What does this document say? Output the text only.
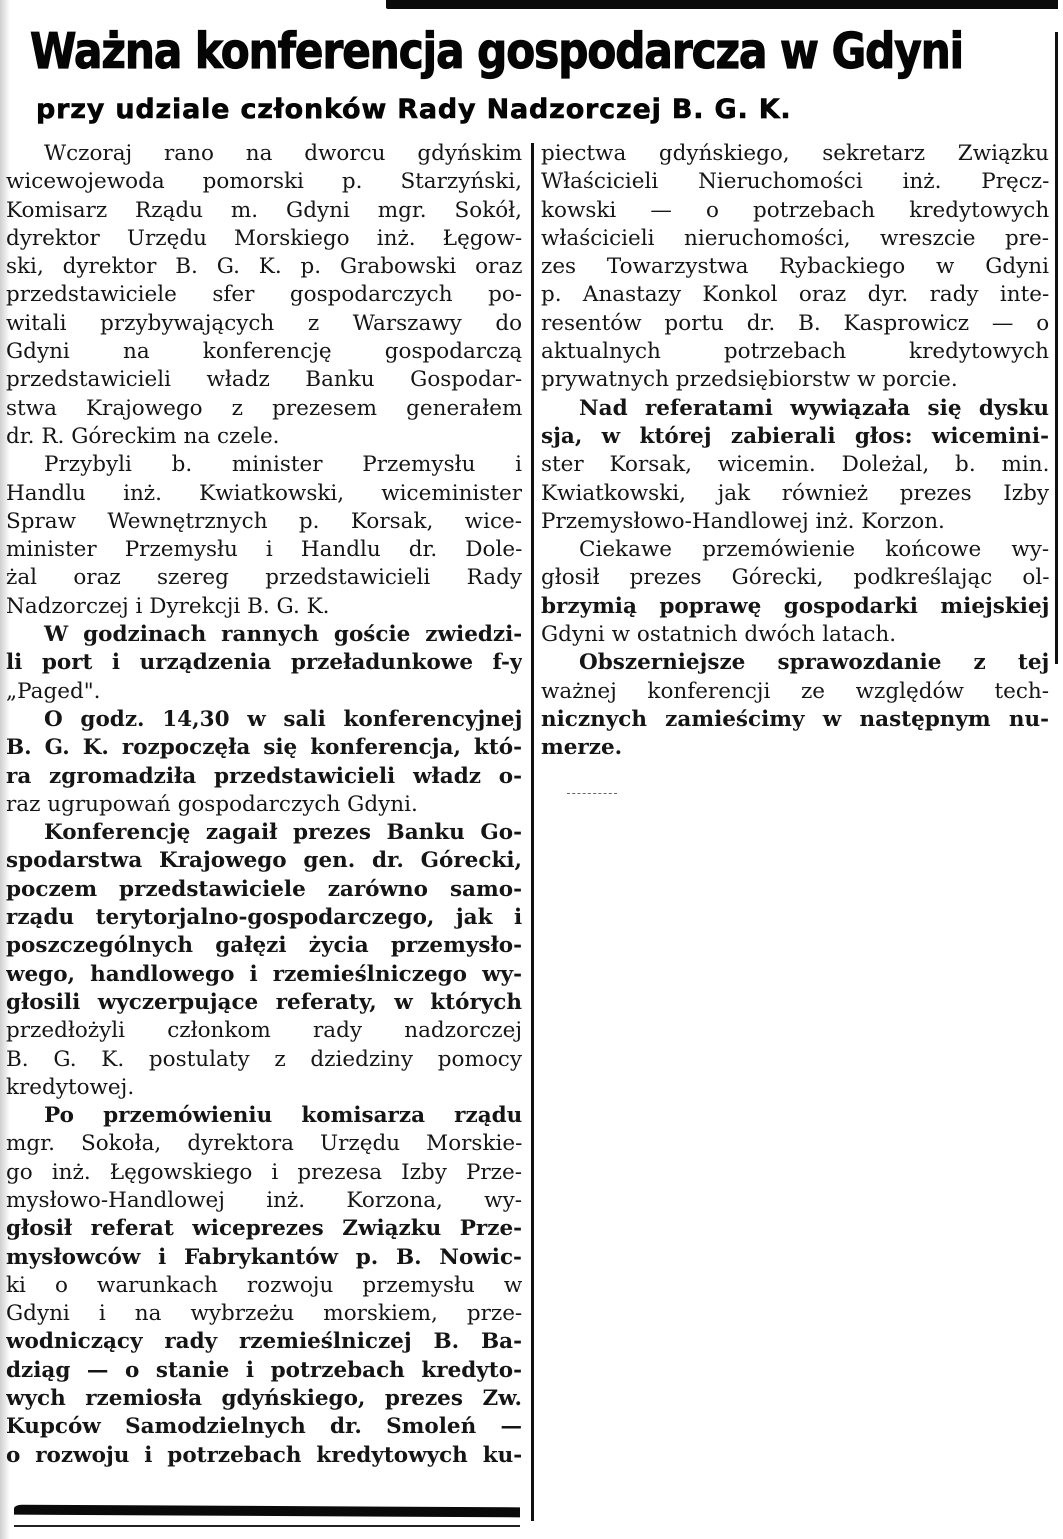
Ważna konferencja gospodarcza w Gdyni
przy udziale członków Rady Nadzorczej B. G. K.
Wczoraj rano na dworcu gdyńskim
wicewojewoda pomorski p. Starzyński,
Komisarz Rządu m. Gdyni mgr. Sokół,
dyrektor Urzędu Morskiego inż. Łęgow-
ski, dyrektor B. G. K. p. Grabowski oraz
przedstawiciele sfer gospodarczych po-
witali przybywających z Warszawy do
Gdyni na konferencję gospodarczą
przedstawicieli władz Banku Gospodar-
stwa Krajowego z prezesem generałem
dr. R. Góreckim na czele.
Przybyli b. minister Przemysłu i
Handlu inż. Kwiatkowski, wiceminister
Spraw Wewnętrznych p. Korsak, wice-
minister Przemysłu i Handlu dr. Dole-
żal oraz szereg przedstawicieli Rady
Nadzorczej i Dyrekcji B. G. K.
W godzinach rannych goście zwiedzi-
li port i urządzenia przeładunkowe f-y
„Paged".
O godz. 14,30 w sali konferencyjnej
B. G. K. rozpoczęła się konferencja, któ-
ra zgromadziła przedstawicieli władz o-
raz ugrupowań gospodarczych Gdyni.
Konferencję zagaił prezes Banku Go-
spodarstwa Krajowego gen. dr. Górecki,
poczem przedstawiciele zarówno samo-
rządu terytorjalno-gospodarczego, jak i
poszczególnych gałęzi życia przemysło-
wego, handlowego i rzemieślniczego wy-
głosili wyczerpujące referaty, w których
przedłożyli członkom rady nadzorczej
B. G. K. postulaty z dziedziny pomocy
kredytowej.
Po przemówieniu komisarza rządu
mgr. Sokoła, dyrektora Urzędu Morskie-
go inż. Łęgowskiego i prezesa Izby Prze-
mysłowo-Handlowej inż. Korzona, wy-
głosił referat wiceprezes Związku Prze-
mysłowców i Fabrykantów p. B. Nowic-
ki o warunkach rozwoju przemysłu w
Gdyni i na wybrzeżu morskiem, prze-
wodniczący rady rzemieślniczej B. Ba-
dziąg — o stanie i potrzebach kredyto-
wych rzemiosła gdyńskiego, prezes Zw.
Kupców Samodzielnych dr. Smoleń —
o rozwoju i potrzebach kredytowych ku-
piectwa gdyńskiego, sekretarz Związku
Właścicieli Nieruchomości inż. Pręcz-
kowski — o potrzebach kredytowych
właścicieli nieruchomości, wreszcie pre-
zes Towarzystwa Rybackiego w Gdyni
p. Anastazy Konkol oraz dyr. rady inte-
resentów portu dr. B. Kasprowicz — o
aktualnych potrzebach kredytowych
prywatnych przedsiębiorstw w porcie.
Nad referatami wywiązała się dysku
sja, w której zabierali głos: wicemini-
ster Korsak, wicemin. Doleżal, b. min.
Kwiatkowski, jak również prezes Izby
Przemysłowo-Handlowej inż. Korzon.
Ciekawe przemówienie końcowe wy-
głosił prezes Górecki, podkreślając ol-
brzymią poprawę gospodarki miejskiej
Gdyni w ostatnich dwóch latach.
Obszerniejsze sprawozdanie z tej
ważnej konferencji ze względów tech-
nicznych zamieścimy w następnym nu-
merze.
